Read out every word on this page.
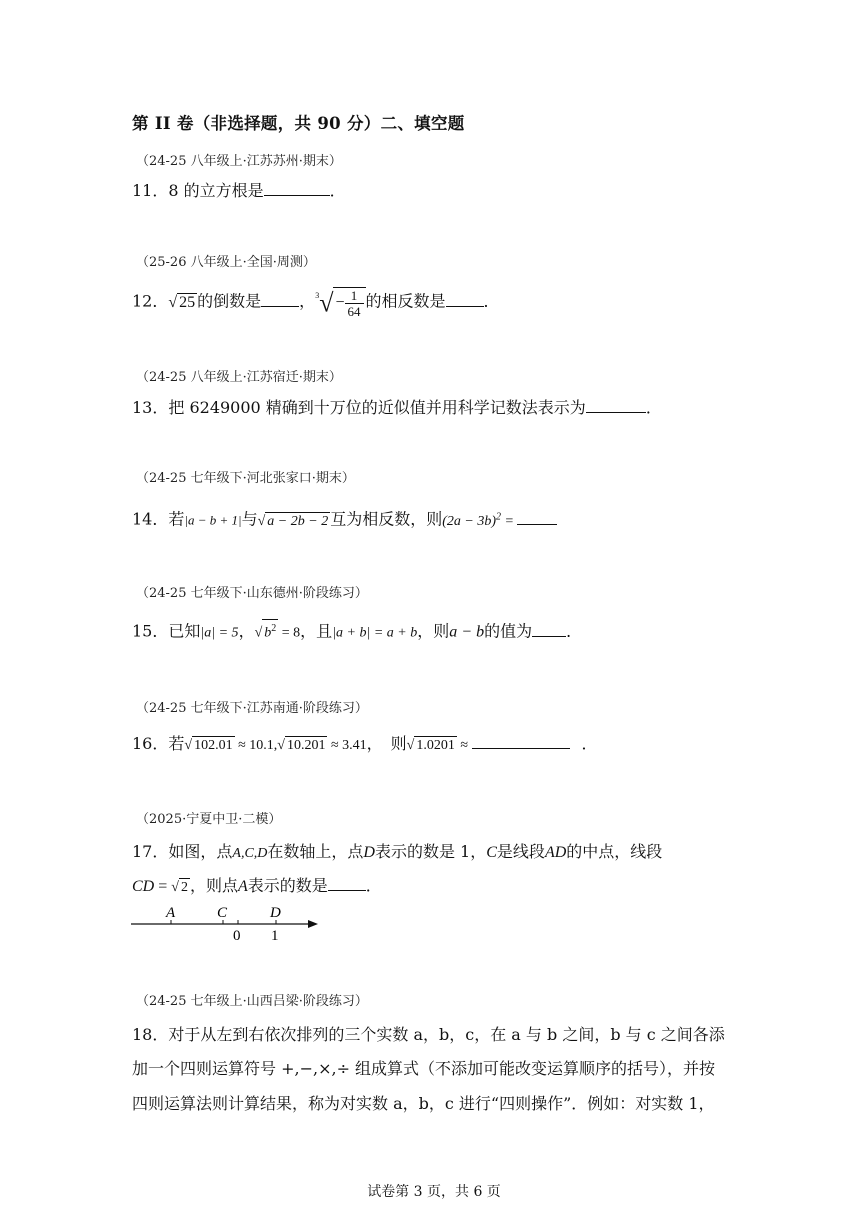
第 II 卷（非选择题，共 90 分）二、填空题
（24-25 八年级上·江苏苏州·期末）
11．8 的立方根是	．
（25-26 八年级上·全国·周测）
12．√ 25 的倒数是 ，$^3√ - \frac{1}{64}$ 的相反数是 ．
（24-25 八年级上·江苏宿迁·期末）
13．把 6249000 精确到十万位的近似值并用科学记数法表示为	．
（24-25 七年级下·河北张家口·期末）
14．若|a − b + 1|与√ a − 2b − 2 互为相反数，则$(2a - 3b)^2$ =
（24-25 七年级下·山东德州·阶段练习）
15．已知|a| = 5，√ $b^2 = 8$，且|a + b| = a + b，则a − b的值为 ．
（24-25 七年级下·江苏南通·阶段练习）
16．若√ 102.01 ≈ 10.1,√ 10.201 ≈ 3.41，　则√ 1.0201 ≈	．
（2025·宁夏中卫·二模）
17．如图，点A,C,D在数轴上，点D表示的数是 1，C是线段AD的中点，线段
CD = √ 2 ，则点A表示的数是 ．
A	C	D
0 1
（24-25 七年级上·山西吕梁·阶段练习）
18．对于从左到右依次排列的三个实数 a，b，c，在 a 与 b 之间，b 与 c 之间各添
加一个四则运算符号 +,−,×,÷ 组成算式（不添加可能改变运算顺序的括号），并按
四则运算法则计算结果，称为对实数 a，b，c 进行“四则操作”．例如：对实数 1，
试卷第 3 页，共 6 页
